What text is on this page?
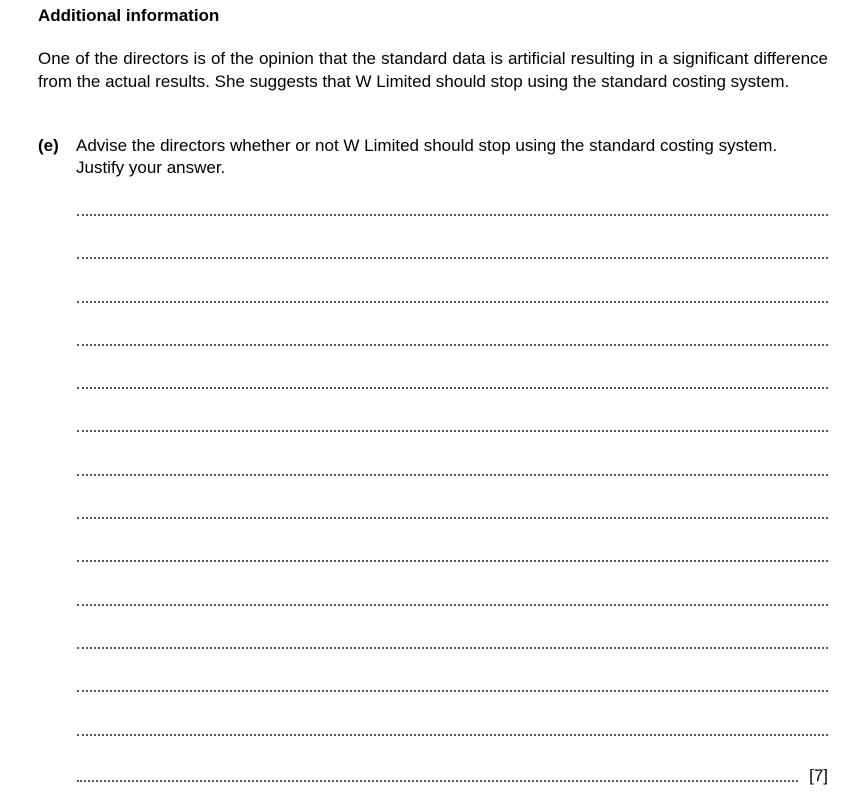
Additional information

One of the directors is of the opinion that the standard data is artificial resulting in a significant difference from the actual results. She suggests that W Limited should stop using the standard costing system.

(e) Advise the directors whether or not W Limited should stop using the standard costing system.
Justify your answer.
[7]
